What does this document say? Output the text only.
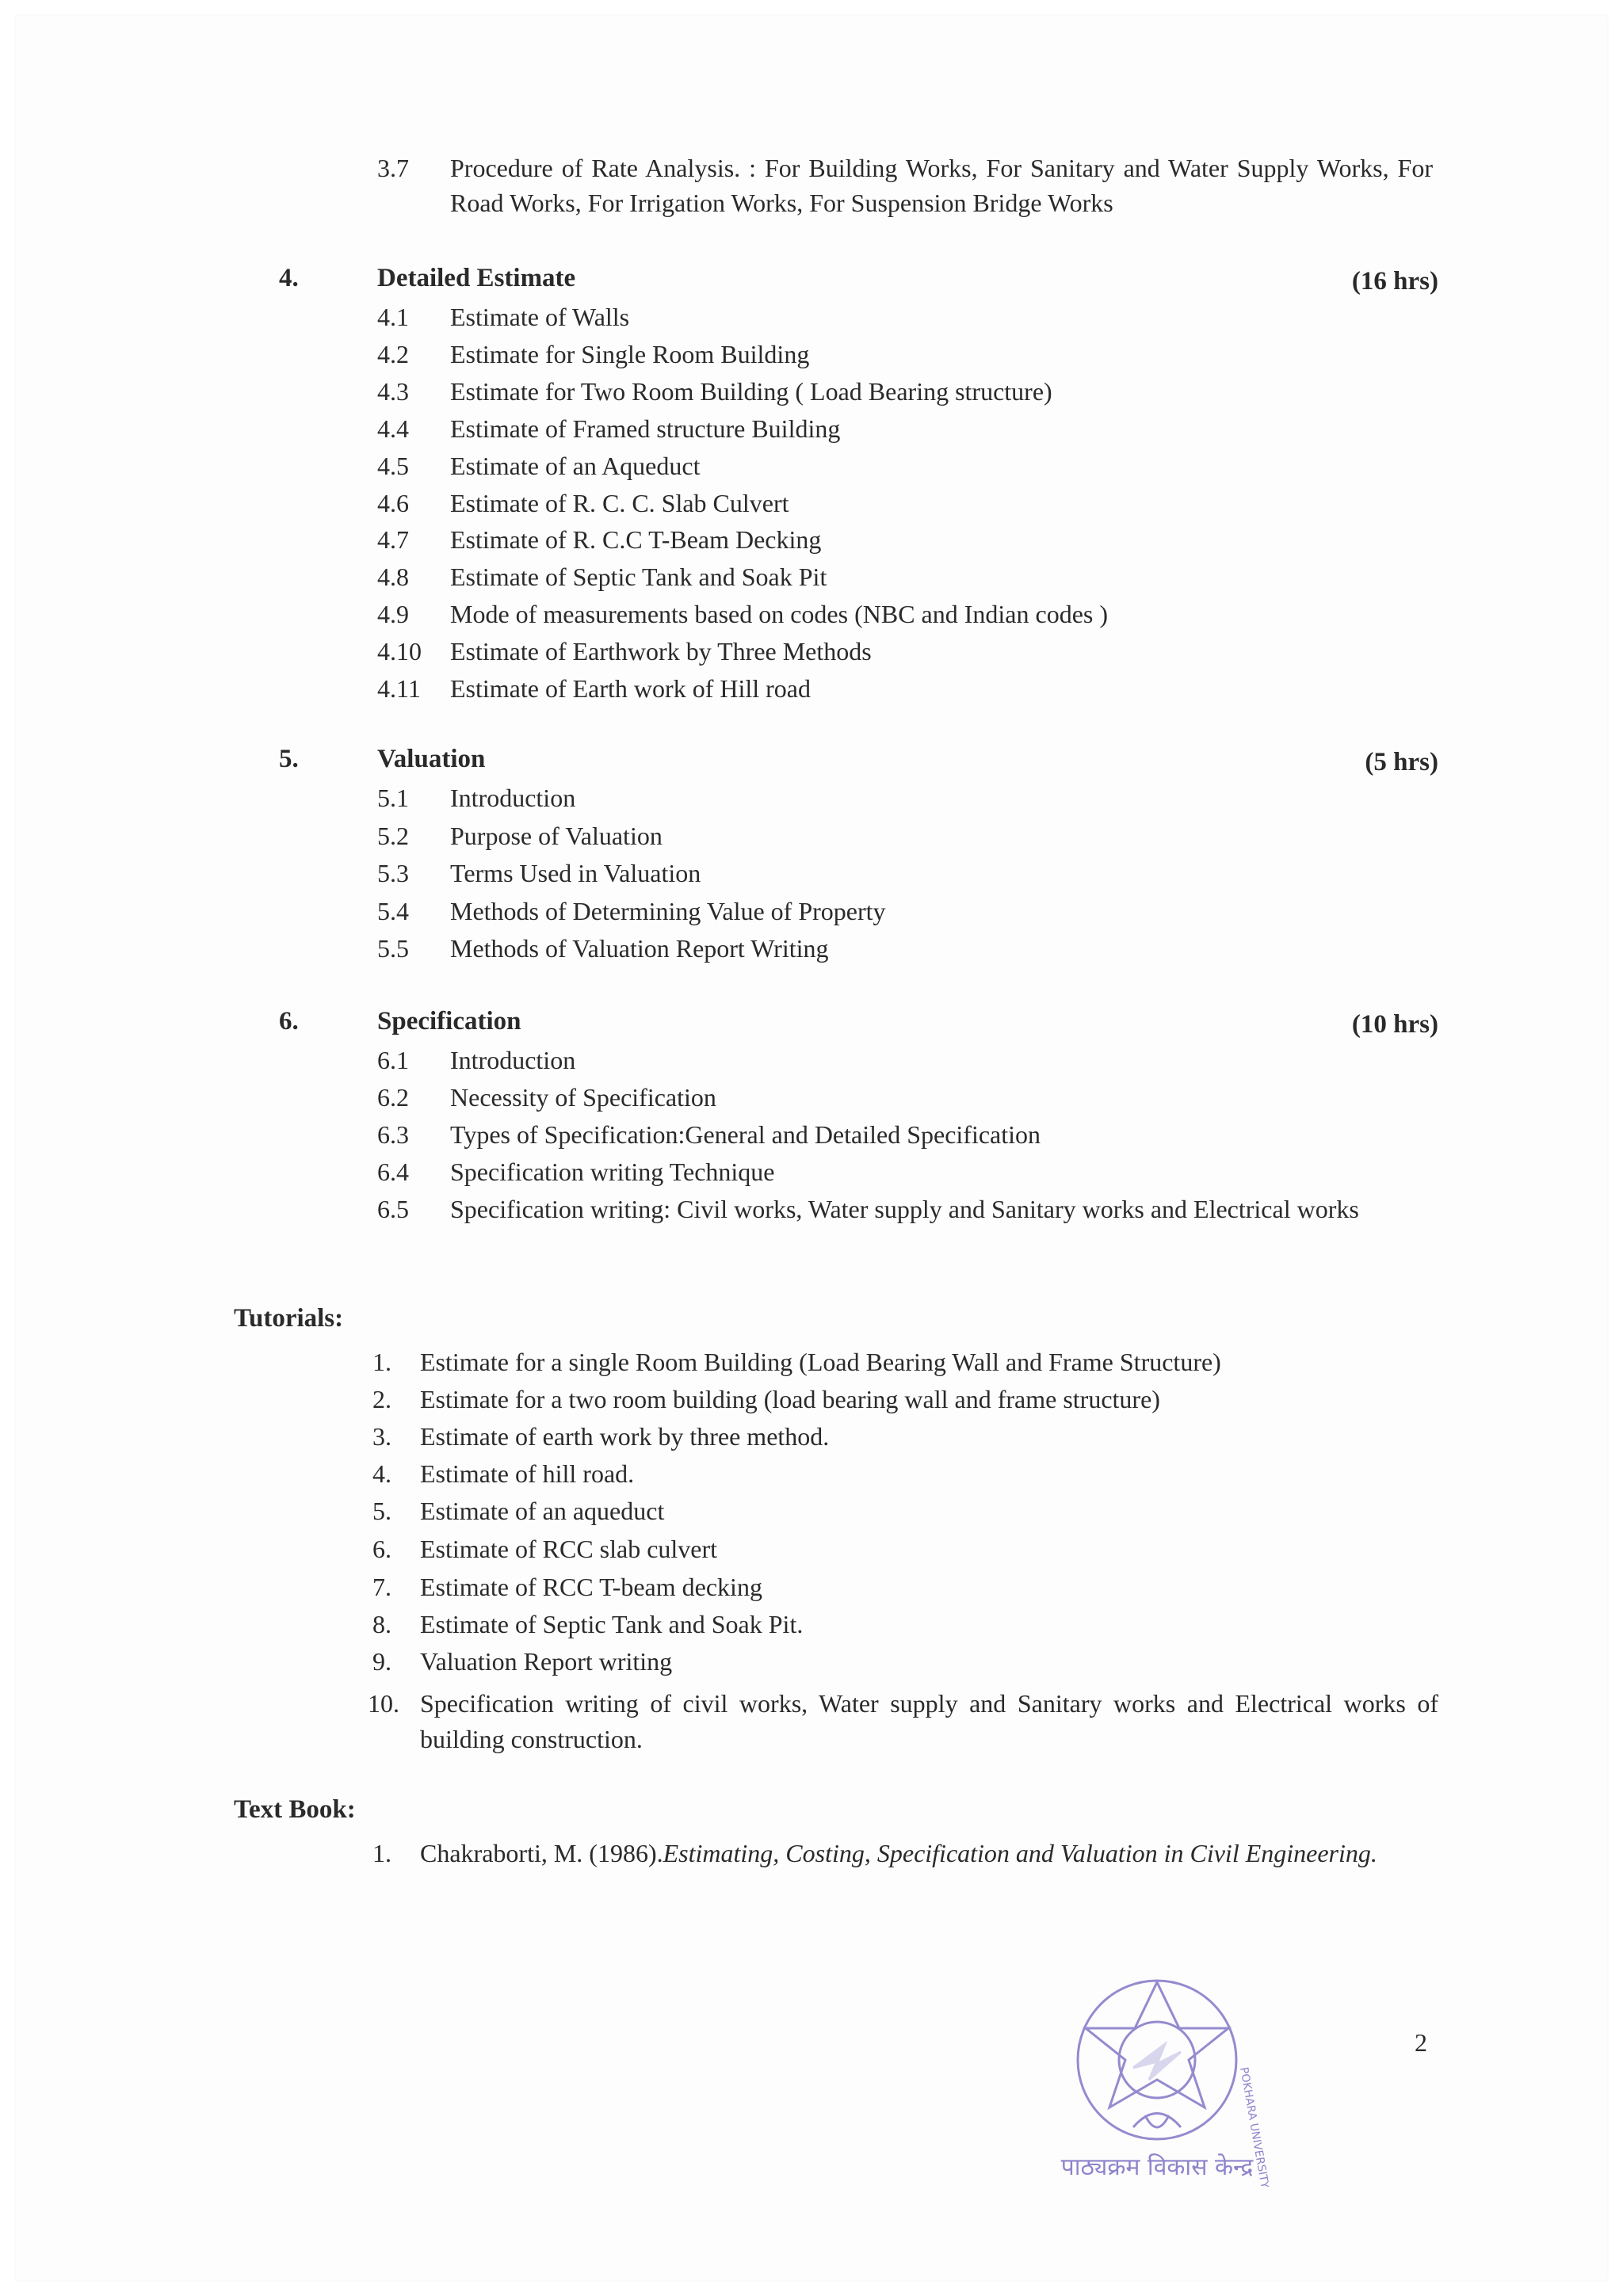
3.7 Procedure of Rate Analysis. : For Building Works, For Sanitary and Water Supply Works, For Road Works, For Irrigation Works, For Suspension Bridge Works
4.	Detailed Estimate	(16 hrs)
4.1 Estimate of Walls
4.2 Estimate for Single Room Building
4.3 Estimate for Two Room Building ( Load Bearing structure)
4.4 Estimate of Framed structure Building
4.5 Estimate of an Aqueduct
4.6 Estimate of R. C. C. Slab Culvert
4.7 Estimate of R. C.C T-Beam Decking
4.8 Estimate of Septic Tank and Soak Pit
4.9 Mode of measurements based on codes (NBC and Indian codes )
4.10 Estimate of Earthwork by Three Methods
4.11 Estimate of Earth work of Hill road
5.	Valuation	(5 hrs)
5.1 Introduction
5.2 Purpose of Valuation
5.3 Terms Used in Valuation
5.4 Methods of Determining Value of Property
5.5 Methods of Valuation Report Writing
6.	Specification	(10 hrs)
6.1 Introduction
6.2 Necessity of Specification
6.3 Types of Specification:General and Detailed Specification
6.4 Specification writing Technique
6.5 Specification writing: Civil works, Water supply and Sanitary works and Electrical works
Tutorials:
1.	Estimate for a single Room Building (Load Bearing Wall and Frame Structure)
2.	Estimate for a two room building (load bearing wall and frame structure)
3.	Estimate of earth work by three method.
4.	Estimate of hill road.
5.	Estimate of an aqueduct
6.	Estimate of RCC slab culvert
7.	Estimate of RCC T-beam decking
8.	Estimate of Septic Tank and Soak Pit.
9.	Valuation Report writing
10. Specification writing of civil works, Water supply and Sanitary works and Electrical works of building construction.
Text Book:
1.	Chakraborti, M. (1986).Estimating, Costing, Specification and Valuation in Civil Engineering.
पाठ्यक्रम विकास केन्द्र
POKHARA UNIVERSITY
2
